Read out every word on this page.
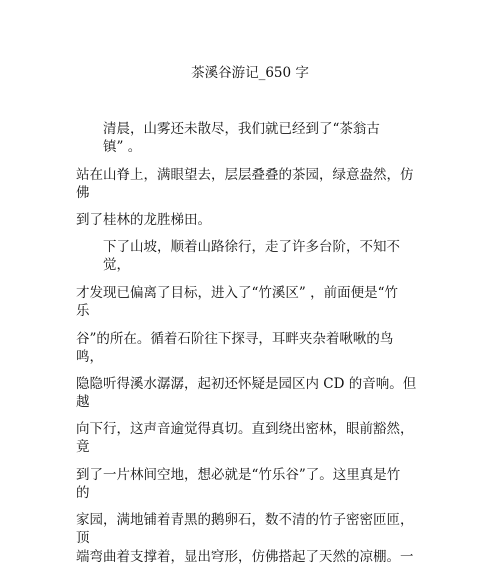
茶溪谷游记_650 字
清晨，山雾还未散尽，我们就已经到了“茶翁古
镇” 。
站在山脊上，满眼望去，层层叠叠的茶园，绿意盎然，仿
佛
到了桂林的龙胜梯田。
下了山坡，顺着山路徐行，走了许多台阶，不知不
觉，
才发现已偏离了目标，进入了“竹溪区” ，前面便是“竹
乐
谷”的所在。循着石阶往下探寻，耳畔夹杂着啾啾的鸟
鸣，
隐隐听得溪水潺潺，起初还怀疑是园区内 CD 的音响。但
越
向下行，这声音逾觉得真切。直到绕出密林，眼前豁然，
竟
到了一片林间空地，想必就是“竹乐谷”了。这里真是竹
的
家园，满地铺着青黑的鹅卵石，数不清的竹子密密匝匝，
顶
端弯曲着支撑着，显出穹形，仿佛搭起了天然的凉棚。一
